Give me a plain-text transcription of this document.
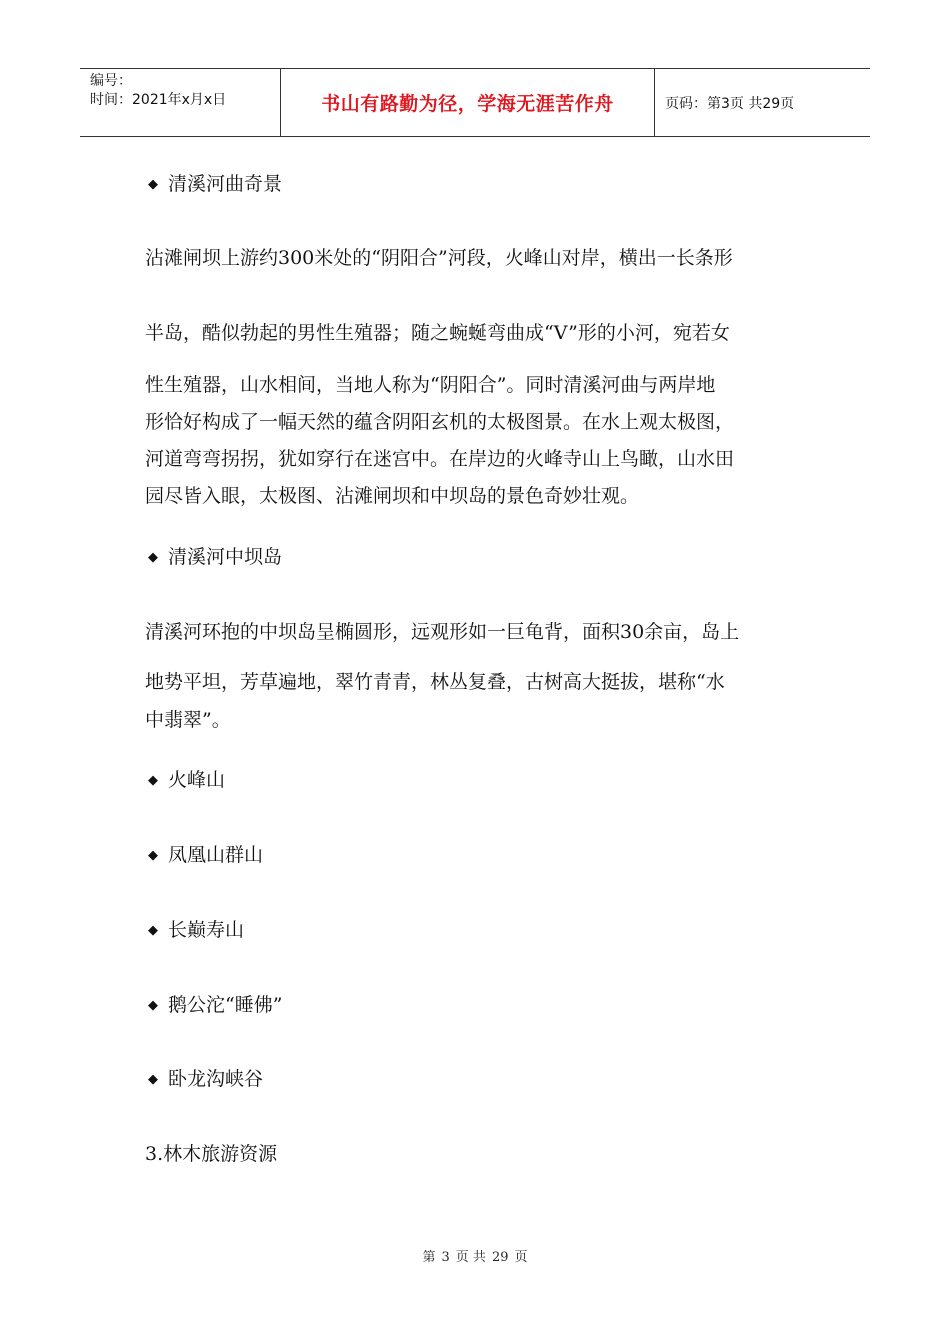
编号：
时间：2021年x月x日	书山有路勤为径，学海无涯苦作舟	页码：第3页 共29页
◆ 清溪河曲奇景
沾滩闸坝上游约300米处的“阴阳合”河段，火峰山对岸，横出一长条形
半岛，酷似勃起的男性生殖器；随之蜿蜒弯曲成“V”形的小河，宛若女
性生殖器，山水相间，当地人称为“阴阳合”。同时清溪河曲与两岸地
形恰好构成了一幅天然的蕴含阴阳玄机的太极图景。在水上观太极图，
河道弯弯拐拐，犹如穿行在迷宫中。在岸边的火峰寺山上鸟瞰，山水田
园尽皆入眼，太极图、沾滩闸坝和中坝岛的景色奇妙壮观。
◆ 清溪河中坝岛
清溪河环抱的中坝岛呈椭圆形，远观形如一巨龟背，面积30余亩，岛上
地势平坦，芳草遍地，翠竹青青，林丛复叠，古树高大挺拔，堪称“水
中翡翠”。
◆ 火峰山
◆ 凤凰山群山
◆ 长巅寿山
◆ 鹅公沱“睡佛”
◆ 卧龙沟峡谷
3.林木旅游资源
第 3 页 共 29 页
